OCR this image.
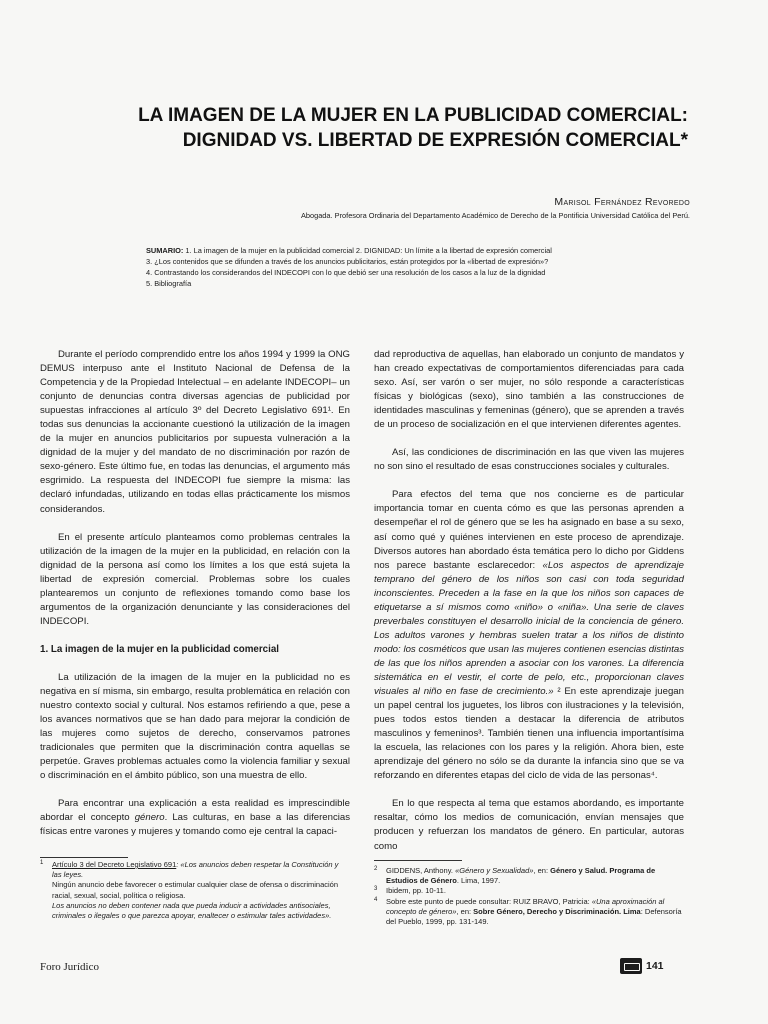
LA IMAGEN DE LA MUJER EN LA PUBLICIDAD COMERCIAL:
DIGNIDAD VS. LIBERTAD DE EXPRESIÓN COMERCIAL*
Marisol Fernández Revoredo
Abogada. Profesora Ordinaria del Departamento Académico de Derecho de la Pontificia Universidad Católica del Perú.
SUMARIO: 1. La imagen de la mujer en la publicidad comercial 2. DIGNIDAD: Un límite a la libertad de expresión comercial
3. ¿Los contenidos que se difunden a través de los anuncios publicitarios, están protegidos por la «libertad de expresión»?
4. Contrastando los considerandos del INDECOPI con lo que debió ser una resolución de los casos a la luz de la dignidad
5. Bibliografía

Durante el período comprendido entre los años 1994 y 1999 la ONG DEMUS interpuso ante el Instituto Nacional de Defensa de la Competencia y de la Propiedad Intelectual – en adelante INDECOPI– un conjunto de denuncias contra diversas agencias de publicidad por supuestas infracciones al artículo 3º del Decreto Legislativo 691¹. En todas sus denuncias la accionante cuestionó la utilización de la imagen de la mujer en anuncios publicitarios por supuesta vulneración a la dignidad de la mujer y del mandato de no discriminación por razón de sexo-género. Este último fue, en todas las denuncias, el argumento más esgrimido. La respuesta del INDECOPI fue siempre la misma: las declaró infundadas, utilizando en todas ellas prácticamente los mismos considerandos.

En el presente artículo planteamos como problemas centrales la utilización de la imagen de la mujer en la publicidad, en relación con la dignidad de la persona así como los límites a los que está sujeta la libertad de expresión comercial. Problemas sobre los cuales plantearemos un conjunto de reflexiones tomando como base los argumentos de la organización denunciante y las consideraciones del INDECOPI.

1. La imagen de la mujer en la publicidad comercial

La utilización de la imagen de la mujer en la publicidad no es negativa en sí misma, sin embargo, resulta problemática en relación con nuestro contexto social y cultural. Nos estamos refiriendo a que, pese a los avances normativos que se han dado para mejorar la condición de las mujeres como sujetos de derecho, conservamos patrones tradicionales que permiten que la discriminación contra aquellas se perpetúe. Graves problemas actuales como la violencia familiar y sexual o discriminación en el ámbito público, son una muestra de ello.

Para encontrar una explicación a esta realidad es imprescindible abordar el concepto género. Las culturas, en base a las diferencias físicas entre varones y mujeres y tomando como eje central la capaci-

dad reproductiva de aquellas, han elaborado un conjunto de mandatos y han creado expectativas de comportamientos diferenciadas para cada sexo. Así, ser varón o ser mujer, no sólo responde a características físicas y biológicas (sexo), sino también a las construcciones de identidades masculinas y femeninas (género), que se aprenden a través de un proceso de socialización en el que intervienen diferentes agentes.

Así, las condiciones de discriminación en las que viven las mujeres no son sino el resultado de esas construcciones sociales y culturales.

Para efectos del tema que nos concierne es de particular importancia tomar en cuenta cómo es que las personas aprenden a desempeñar el rol de género que se les ha asignado en base a su sexo, así como qué y quiénes intervienen en este proceso de aprendizaje. Diversos autores han abordado ésta temática pero lo dicho por Giddens nos parece bastante esclarecedor: «Los aspectos de aprendizaje temprano del género de los niños son casi con toda seguridad inconscientes. Preceden a la fase en la que los niños son capaces de etiquetarse a sí mismos como «niño» o «niña». Una serie de claves preverbales constituyen el desarrollo inicial de la conciencia de género. Los adultos varones y hembras suelen tratar a los niños de distinto modo: los cosméticos que usan las mujeres contienen esencias distintas de las que los niños aprenden a asociar con los varones. La diferencia sistemática en el vestir, el corte de pelo, etc., proporcionan claves visuales al niño en fase de crecimiento.» ² En este aprendizaje juegan un papel central los juguetes, los libros con ilustraciones y la televisión, pues todos estos tienden a destacar la diferencia de atributos masculinos y femeninos³. También tienen una influencia importantísima la escuela, las relaciones con los pares y la religión. Ahora bien, este aprendizaje del género no sólo se da durante la infancia sino que se va reforzando en diferentes etapas del ciclo de vida de las personas⁴.

En lo que respecta al tema que estamos abordando, es importante resaltar, cómo los medios de comunicación, envían mensajes que producen y refuerzan los mandatos de género. En particular, autoras como

1 Artículo 3 del Decreto Legislativo 691: «Los anuncios deben respetar la Constitución y las leyes.

Ningún anuncio debe favorecer o estimular cualquier clase de ofensa o discriminación racial, sexual, social, política o religiosa.

Los anuncios no deben contener nada que pueda inducir a actividades antisociales, criminales o ilegales o que parezca apoyar, enaltecer o estimular tales actividades».

2 GIDDENS, Anthony. «Género y Sexualidad», en: Género y Salud. Programa de Estudios de Género. Lima, 1997.

3 Ibidem, pp. 10-11.

4 Sobre este punto de puede consultar: RUIZ BRAVO, Patricia: «Una aproximación al concepto de género», en: Sobre Género, Derecho y Discriminación. Lima: Defensoría del Pueblo, 1999, pp. 131-149.

Foro Jurídico	141
